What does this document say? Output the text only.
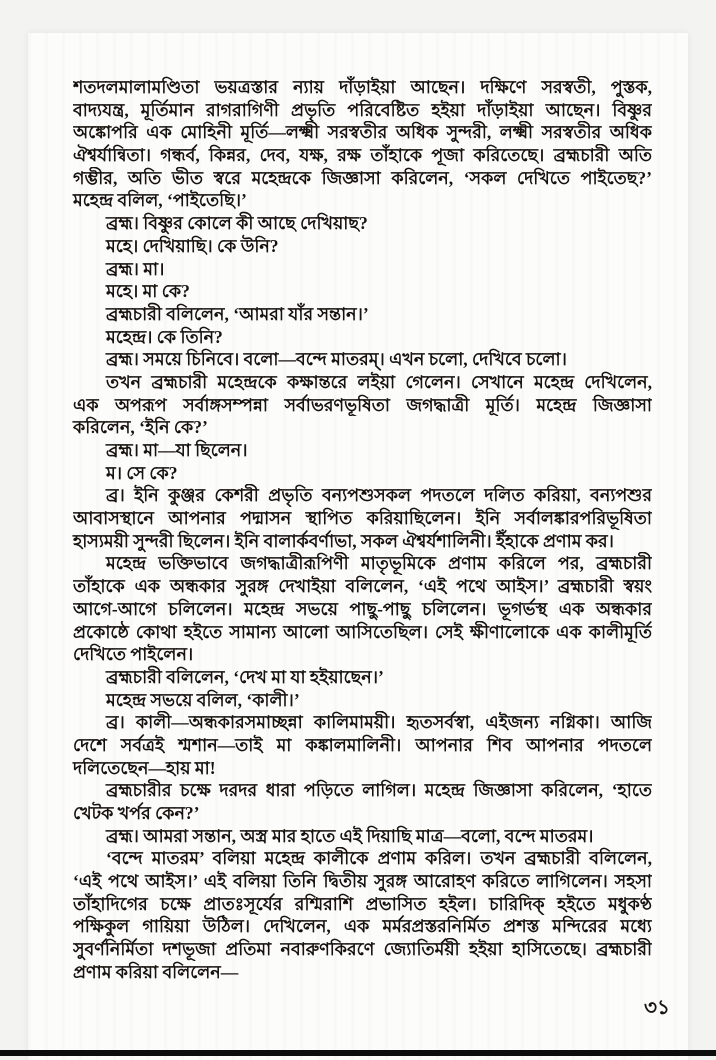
শতদলমালামণ্ডিতা ভয়ত্রস্তার ন্যায় দাঁড়াইয়া আছেন। দক্ষিণে সরস্বতী, পুস্তক,
বাদ্যযন্ত্র, মূর্তিমান রাগরাগিণী প্রভৃতি পরিবেষ্টিত হইয়া দাঁড়াইয়া আছেন। বিষ্ণুর
অঙ্কোপরি এক মোহিনী মূর্তি—লক্ষ্মী সরস্বতীর অধিক সুন্দরী, লক্ষ্মী সরস্বতীর অধিক
ঐশ্বর্যান্বিতা। গন্ধর্ব, কিন্নর, দেব, যক্ষ, রক্ষ তাঁহাকে পূজা করিতেছে। ব্রহ্মচারী অতি
গম্ভীর, অতি ভীত স্বরে মহেন্দ্রকে জিজ্ঞাসা করিলেন, ‘সকল দেখিতে পাইতেছ?’
মহেন্দ্র বলিল, ‘পাইতেছি।’
ব্রহ্ম। বিষ্ণুর কোলে কী আছে দেখিয়াছ?
মহে। দেখিয়াছি। কে উনি?
ব্রহ্ম। মা।
মহে। মা কে?
ব্রহ্মচারী বলিলেন, ‘আমরা যাঁর সন্তান।’
মহেন্দ্র। কে তিনি?
ব্রহ্ম। সময়ে চিনিবে। বলো—বন্দে মাতরম্‌। এখন চলো, দেখিবে চলো।
তখন ব্রহ্মচারী মহেন্দ্রকে কক্ষান্তরে লইয়া গেলেন। সেখানে মহেন্দ্র দেখিলেন,
এক অপরূপ সর্বাঙ্গসম্পন্না সর্বাভরণভূষিতা জগদ্ধাত্রী মূর্তি। মহেন্দ্র জিজ্ঞাসা
করিলেন, ‘ইনি কে?’
ব্রহ্ম। মা—যা ছিলেন।
ম। সে কে?
ব্র। ইনি কুঞ্জর কেশরী প্রভৃতি বন্যপশুসকল পদতলে দলিত করিয়া, বন্যপশুর
আবাসস্থানে আপনার পদ্মাসন স্থাপিত করিয়াছিলেন। ইনি সর্বালঙ্কারপরিভূষিতা
হাস্যময়ী সুন্দরী ছিলেন। ইনি বালার্কবর্ণাভা, সকল ঐশ্বর্যশালিনী। ইঁহাকে প্রণাম কর।
মহেন্দ্র ভক্তিভাবে জগদ্ধাত্রীরূপিণী মাতৃভূমিকে প্রণাম করিলে পর, ব্রহ্মচারী
তাঁহাকে এক অন্ধকার সুরঙ্গ দেখাইয়া বলিলেন, ‘এই পথে আইস।’ ব্রহ্মচারী স্বয়ং
আগে-আগে চলিলেন। মহেন্দ্র সভয়ে পাছু-পাছু চলিলেন। ভূগর্ভস্থ এক অন্ধকার
প্রকোষ্ঠে কোথা হইতে সামান্য আলো আসিতেছিল। সেই ক্ষীণালোকে এক কালীমূর্তি
দেখিতে পাইলেন।
ব্রহ্মচারী বলিলেন, ‘দেখ মা যা হইয়াছেন।’
মহেন্দ্র সভয়ে বলিল, ‘কালী।’
ব্র। কালী—অন্ধকারসমাচ্ছন্না কালিমাময়ী। হৃতসর্বস্বা, এইজন্য নগ্নিকা। আজি
দেশে সর্বত্রই শ্মশান—তাই মা কঙ্কালমালিনী। আপনার শিব আপনার পদতলে
দলিতেছেন—হায় মা!
ব্রহ্মচারীর চক্ষে দরদর ধারা পড়িতে লাগিল। মহেন্দ্র জিজ্ঞাসা করিলেন, ‘হাতে
খেটক খর্পর কেন?’
ব্রহ্ম। আমরা সন্তান, অস্ত্র মার হাতে এই দিয়াছি মাত্র—বলো, বন্দে মাতরম।
‘বন্দে মাতরম’ বলিয়া মহেন্দ্র কালীকে প্রণাম করিল। তখন ব্রহ্মচারী বলিলেন,
‘এই পথে আইস।’ এই বলিয়া তিনি দ্বিতীয় সুরঙ্গ আরোহণ করিতে লাগিলেন। সহসা
তাঁহাদিগের চক্ষে প্রাতঃসূর্যের রশ্মিরাশি প্রভাসিত হইল। চারিদিক্‌ হইতে মধুকণ্ঠ
পক্ষিকুল গায়িয়া উঠিল। দেখিলেন, এক মর্মরপ্রস্তরনির্মিত প্রশস্ত মন্দিরের মধ্যে
সুবর্ণনির্মিতা দশভূজা প্রতিমা নবারুণকিরণে জ্যোতির্ময়ী হইয়া হাসিতেছে। ব্রহ্মচারী
প্রণাম করিয়া বলিলেন—
৩১
